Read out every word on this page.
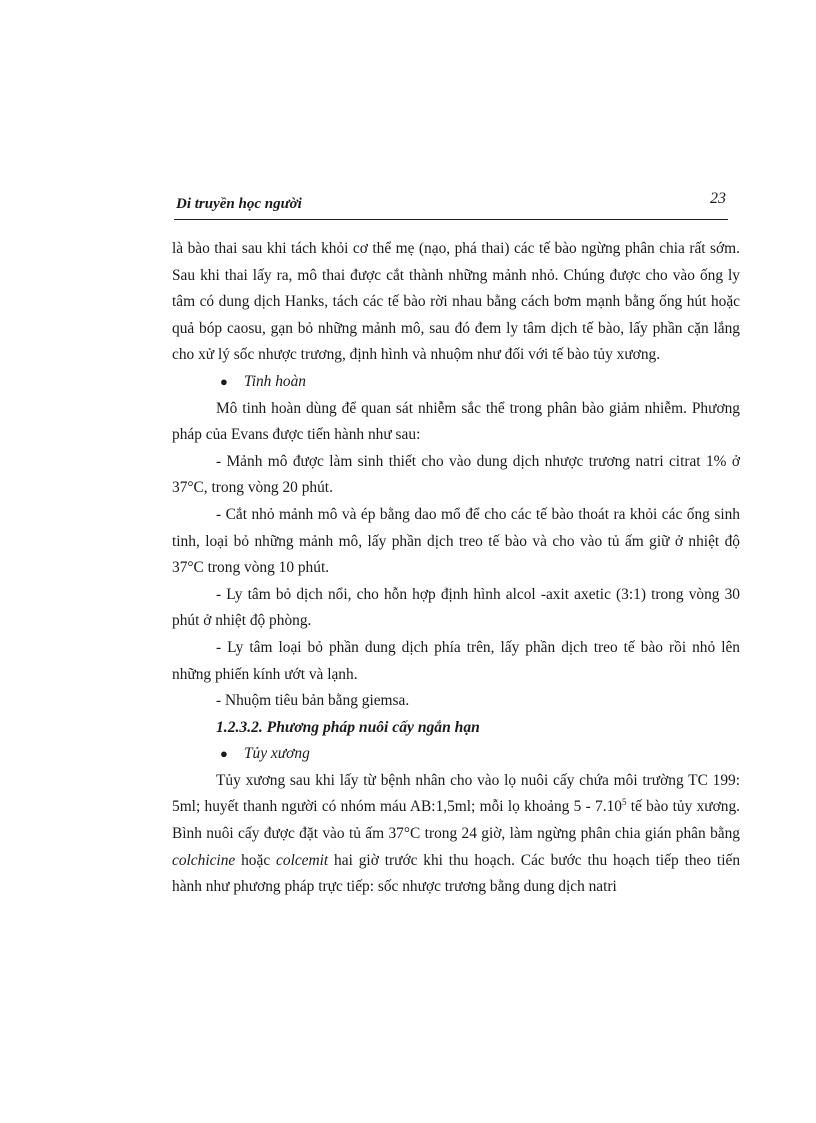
Di truyền học người	23

là bào thai sau khi tách khỏi cơ thể mẹ (nạo, phá thai) các tế bào ngừng phân chia rất sớm. Sau khi thai lấy ra, mô thai được cắt thành những mảnh nhỏ. Chúng được cho vào ống ly tâm có dung dịch Hanks, tách các tế bào rời nhau bằng cách bơm mạnh bằng ống hút hoặc quả bóp caosu, gạn bỏ những mảnh mô, sau đó đem ly tâm dịch tế bào, lấy phần cặn lắng cho xử lý sốc nhược trương, định hình và nhuộm như đối với tế bào tủy xương.

● Tinh hoàn

Mô tinh hoàn dùng để quan sát nhiễm sắc thể trong phân bào giảm nhiễm. Phương pháp của Evans được tiến hành như sau:

- Mảnh mô được làm sinh thiết cho vào dung dịch nhược trương natri citrat 1% ở 37°C, trong vòng 20 phút.

- Cắt nhỏ mảnh mô và ép bằng dao mổ để cho các tế bào thoát ra khỏi các ống sinh tinh, loại bỏ những mảnh mô, lấy phần dịch treo tế bào và cho vào tủ ấm giữ ở nhiệt độ 37°C trong vòng 10 phút.

- Ly tâm bỏ dịch nổi, cho hỗn hợp định hình alcol -axit axetic (3:1) trong vòng 30 phút ở nhiệt độ phòng.

- Ly tâm loại bỏ phần dung dịch phía trên, lấy phần dịch treo tế bào rồi nhỏ lên những phiến kính ướt và lạnh.

- Nhuộm tiêu bản bằng giemsa.

1.2.3.2. Phương pháp nuôi cấy ngắn hạn

● Tủy xương

Tủy xương sau khi lấy từ bệnh nhân cho vào lọ nuôi cấy chứa môi trường TC 199: 5ml; huyết thanh người có nhóm máu AB:1,5ml; mỗi lọ khoảng 5 - 7.10$^5$ tế bào tủy xương. Bình nuôi cấy được đặt vào tủ ấm 37°C trong 24 giờ, làm ngừng phân chia gián phân bằng colchicine hoặc colcemit hai giờ trước khi thu hoạch. Các bước thu hoạch tiếp theo tiến hành như phương pháp trực tiếp: sốc nhược trương bằng dung dịch natri
